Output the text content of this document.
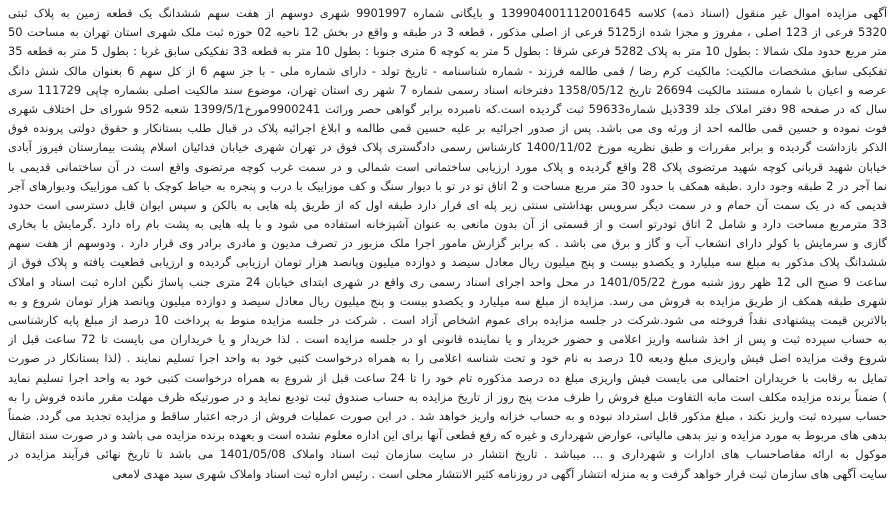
آگهی مزایده اموال غیر منقول (اسناد ذمه) کلاسه 139904001112001645 و بایگانی شماره 9901997 شهری دوسهم از هفت سهم ششدانگ یک قطعه زمین به پلاک ثبتی
5320 فرعی از 123 اصلی ، مفروز و مجزا شده از5125 فرعی از اصلی مذکور ، قطعه 3 در طبقه و واقع در بخش 12 ناحیه 02 حوزه ثبت ملک شهری استان تهران به مساحت 50
متر مربع حدود ملک شمالا : بطول 10 متر به پلاک 5282 فرعی شرقا : بطول 5 متر به کوچه 6 متری جنوبا : بطول 10 متر به قطعه 33 تفکیکی سابق غربا : بطول 5 متر به قطعه 35
تفکیکی سابق مشخصات مالکیت: مالکیت کرم رضا / قمی طالمه فرزند - شماره شناسنامه - تاریخ تولد - دارای شماره ملی - با جز سهم 6 از کل سهم 6 بعنوان مالک شش دانگ
عرصه و اعیان با شماره مستند مالکیت 26694 تاریخ 1358/05/12 دفترخانه اسناد رسمی شماره 7 شهر ری استان تهران، موضوع سند مالکیت اصلی بشماره چاپی 111729 سری
سال که در صفحه 98 دفتر املاک جلد 339ذیل شماره59633 ثبت گردیده است.که نامبرده برابر گواهی حصر وراثت 9900241مورخ1399/5/1 شعبه 952 شورای حل اختلاف شهری
فوت نموده و حسین قمی طالمه احد از ورثه وی می باشد. پس از صدور اجرائیه بر علیه حسین قمی طالمه و ابلاغ اجرائیه پلاک در قبال طلب بستانکار و حقوق دولتی پرونده فوق
الذکر بازداشت گردیده و برابر مقررات و طبق نظریه مورخ 1400/11/02 کارشناس رسمی دادگستری پلاک فوق در تهران شهری خیابان فدائیان اسلام پشت بیمارستان فیروز آبادی
خیابان شهید قربانی کوچه شهید مرتضوی پلاک 28 واقع گردیده و پلاک مورد ارزیابی ساختمانی است شمالی و در سمت غرب کوچه مرتضوی واقع است در آن ساختمانی قدیمی با
نما آجر در 2 طبقه وجود دارد .طبقه همکف با حدود 30 متر مربع مساحت و 2 اتاق تو در تو با دیوار سنگ و کف موزاییک با درب و پنجره به حیاط کوچک با کف موزاییک ودیوارهای آجر
قدیمی که در یک سمت آن حمام و در سمت دیگر سرویس بهداشتی سنتی زیر پله ای قرار دارد طبقه اول که از طریق پله هایی به بالکن و سپس ایوان قابل دسترسی است حدود
33 مترمربع مساحت دارد و شامل 2 اتاق تودرتو است و از قسمتی از آن بدون مانعی به عنوان آشپزخانه استفاده می شود و با پله هایی به پشت بام راه دارد .گرمایش با بخاری
گازی و سرمایش با کولر دارای انشعاب آب و گاز و برق می باشد . که برابر گزارش مامور اجرا ملک مزبور در تصرف مدیون و مادری برادر وی قرار دارد . ودوسهم از هفت سهم
ششدانگ پلاک مذکور به مبلغ سه میلیارد و یکصدو بیست و پنج میلیون ریال معادل سیصد و دوازده میلیون وپانصد هزار تومان ارزیابی گردیده و ارزیابی قطعیت یافته و پلاک فوق از
ساعت 9 صبح الی 12 ظهر روز شنبه مورخ 1401/05/22 در محل واحد اجرای اسناد رسمی ری واقع در شهری ابتدای خیابان 24 متری جنب پاساژ نگین اداره ثبت اسناد و املاک
شهری طبقه همکف از طریق مزایده به فروش می رسد. مزایده از مبلغ سه میلیارد و یکصدو بیست و پنج میلیون ریال معادل سیصد و دوازده میلیون وپانصد هزار تومان شروع و به
بالاترین قیمت پیشنهادی نقداً فروخته می شود.شرکت در جلسه مزایده برای عموم اشخاص آزاد است . شرکت در جلسه مزایده منوط به پرداخت 10 درصد از مبلغ پایه کارشناسی
به حساب سپرده ثبت و پس از اخذ شناسه واریز اعلامی و حضور خریدار و یا نماینده قانونی او در جلسه مزایده است . لذا خریدار و یا خریداران می بایست تا 72 ساعت قبل از
شروع وقت مزایده اصل فیش واریزی مبلغ ودیعه 10 درصد به نام خود و تحت شناسه اعلامی را به همراه درخواست کتبی خود به واحد اجرا تسلیم نمایند . (لذا بستانکار در صورت
تمایل به رقابت با خریداران احتمالی می بایست فیش واریزی مبلغ ده درصد مذکوره تام خود را تا 24 ساعت قبل از شروع به همراه درخواست کتبی خود به واحد اجرا تسلیم نماید
) ضمناً برنده مزایده مکلف است مابه التفاوت مبلغ فروش را ظرف مدت پنج روز از تاریخ مزایده به حساب صندوق ثبت تودیع نماید و در صورتیکه ظرف مهلت مقرر مانده فروش را به
حساب سپرده ثبت واریز نکند ، مبلغ مذکور قابل استرداد نبوده و به حساب خزانه واریز خواهد شد . در این صورت عملیات فروش از درجه اعتبار ساقط و مزایده تجدید می گردد. ضمناً
بدهی های مربوط به مورد مزایده و نیز بدهی مالیاتی، عوارض شهرداری و غیره که رفع قطعی آنها برای این اداره معلوم نشده است و بعهده برنده مزایده می باشد و در صورت سند انتقال
موکول به ارائه مفاصاحساب های ادارات و شهرداری و ... میباشد . تاریخ انتشار در سایت سازمان ثبت اسناد واملاک 1401/05/08 می باشد تا تاریخ نهائی فرآیند مزایده در
سایت آگهی های سازمان ثبت قرار خواهد گرفت و به منزله انتشار آگهی در روزنامه کثیر الانتشار محلی است . رئیس اداره ثبت اسناد واملاک شهری سید مهدی لامعی
